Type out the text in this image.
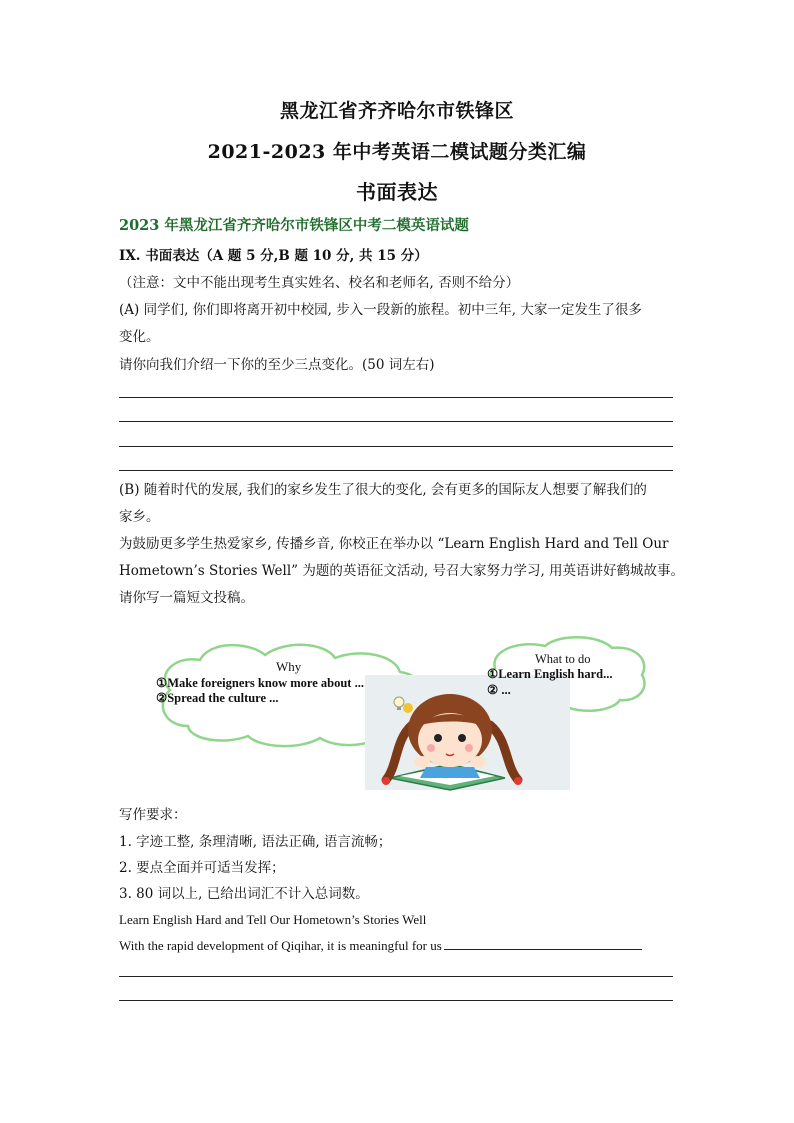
黑龙江省齐齐哈尔市铁锋区
2021-2023 年中考英语二模试题分类汇编
书面表达
2023 年黑龙江省齐齐哈尔市铁锋区中考二模英语试题
IX. 书面表达（A 题 5 分,B 题 10 分, 共 15 分）
（注意：文中不能出现考生真实姓名、校名和老师名, 否则不给分）
(A) 同学们, 你们即将离开初中校园, 步入一段新的旅程。初中三年, 大家一定发生了很多
变化。
请你向我们介绍一下你的至少三点变化。(50 词左右)
(B) 随着时代的发展, 我们的家乡发生了很大的变化, 会有更多的国际友人想要了解我们的
家乡。
为鼓励更多学生热爱家乡, 传播乡音, 你校正在举办以 “Learn English Hard and Tell Our
Hometown’s Stories Well” 为题的英语征文活动, 号召大家努力学习, 用英语讲好鹤城故事。
请你写一篇短文投稿。
Why
①Make foreigners know more about ...
②Spread the culture ...
What to do
①Learn English hard...
② ...
写作要求：
1. 字迹工整, 条理清晰, 语法正确, 语言流畅；
2. 要点全面并可适当发挥；
3. 80 词以上, 已给出词汇不计入总词数。
Learn English Hard and Tell Our Hometown’s Stories Well
With the rapid development of Qiqihar, it is meaningful for us
